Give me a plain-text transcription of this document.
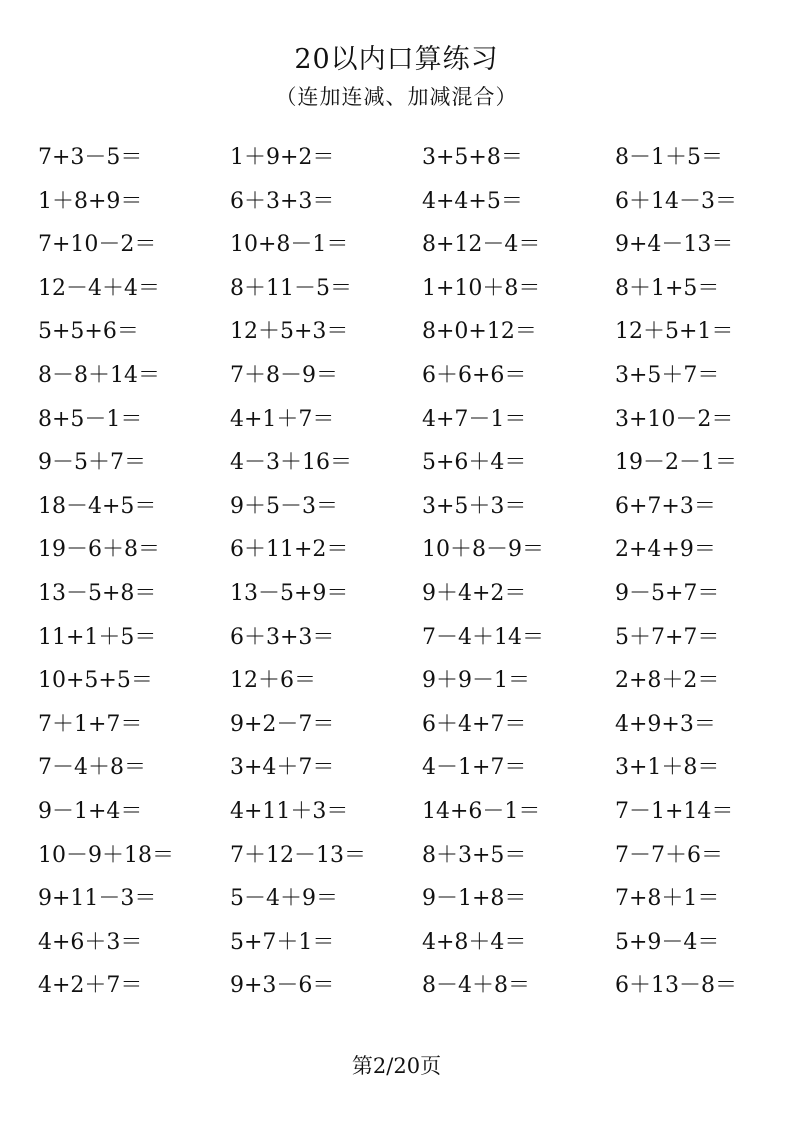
20以内口算练习
（连加连减、加减混合）
7+3－5＝	1＋9+2＝	3+5+8＝	8－1＋5＝
1＋8+9＝	6＋3+3＝	4+4+5＝	6＋14－3＝
7+10－2＝	10+8－1＝	8+12－4＝	9+4－13＝
12－4＋4＝	8＋11－5＝	1+10＋8＝	8＋1+5＝
5+5+6＝	12＋5+3＝	8+0+12＝	12＋5+1＝
8－8＋14＝	7＋8－9＝	6＋6+6＝	3+5＋7＝
8+5－1＝	4+1＋7＝	4+7－1＝	3+10－2＝
9－5＋7＝	4－3＋16＝	5+6＋4＝	19－2－1＝
18－4+5＝	9＋5－3＝	3+5＋3＝	6+7+3＝
19－6＋8＝	6＋11+2＝	10＋8－9＝	2+4+9＝
13－5+8＝	13－5+9＝	9＋4+2＝	9－5+7＝
11+1＋5＝	6＋3+3＝	7－4＋14＝	5＋7+7＝
10+5+5＝	12＋6＝	9＋9－1＝	2+8＋2＝
7＋1+7＝	9+2－7＝	6＋4+7＝	4+9+3＝
7－4＋8＝	3+4＋7＝	4－1+7＝	3+1＋8＝
9－1+4＝	4+11＋3＝	14+6－1＝	7－1+14＝
10－9＋18＝	7＋12－13＝	8＋3+5＝	7－7＋6＝
9+11－3＝	5－4＋9＝	9－1+8＝	7+8＋1＝
4+6＋3＝	5+7＋1＝	4+8＋4＝	5+9－4＝
4+2＋7＝	9+3－6＝	8－4＋8＝	6＋13－8＝
第2/20页
